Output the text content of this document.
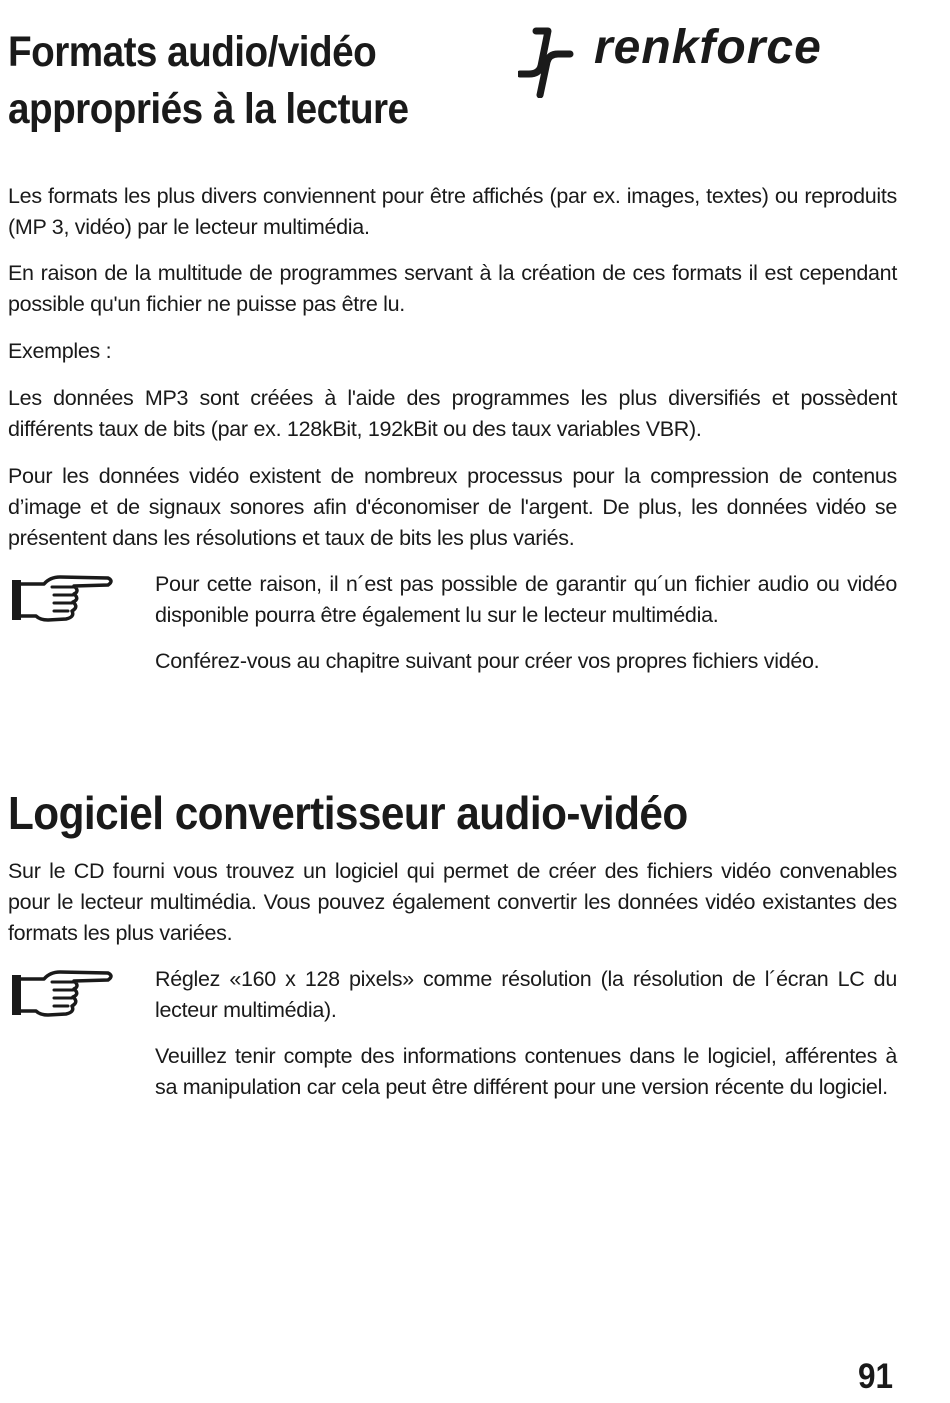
Formats audio/vidéo
appropriés à la lecture
renkforce

Les formats les plus divers conviennent pour être affichés (par ex. images, textes) ou reproduits (MP 3, vidéo) par le lecteur multimédia.

En raison de la multitude de programmes servant à la création de ces formats il est cependant possible qu'un fichier ne puisse pas être lu.

Exemples :

Les données MP3 sont créées à l'aide des programmes les plus diversifiés et possèdent différents taux de bits (par ex. 128kBit, 192kBit ou des taux variables VBR).

Pour les données vidéo existent de nombreux processus pour la compression de contenus d’image et de signaux sonores afin d'économiser de l'argent. De plus, les données vidéo se présentent dans les résolutions et taux de bits les plus variés.

Pour cette raison, il n´est pas possible de garantir qu´un fichier audio ou vidéo disponible pourra être également lu sur le lecteur multimédia.

Conférez-vous au chapitre suivant pour créer vos propres fichiers vidéo.

Logiciel convertisseur audio-vidéo

Sur le CD fourni vous trouvez un logiciel qui permet de créer des fichiers vidéo convenables pour le lecteur multimédia. Vous pouvez également convertir les données vidéo existantes des formats les plus variées.

Réglez «160 x 128 pixels» comme résolution (la résolution de l´écran LC du lecteur multimédia).

Veuillez tenir compte des informations contenues dans le logiciel, afférentes à sa manipulation car cela peut être différent pour une version récente du logiciel.

91
